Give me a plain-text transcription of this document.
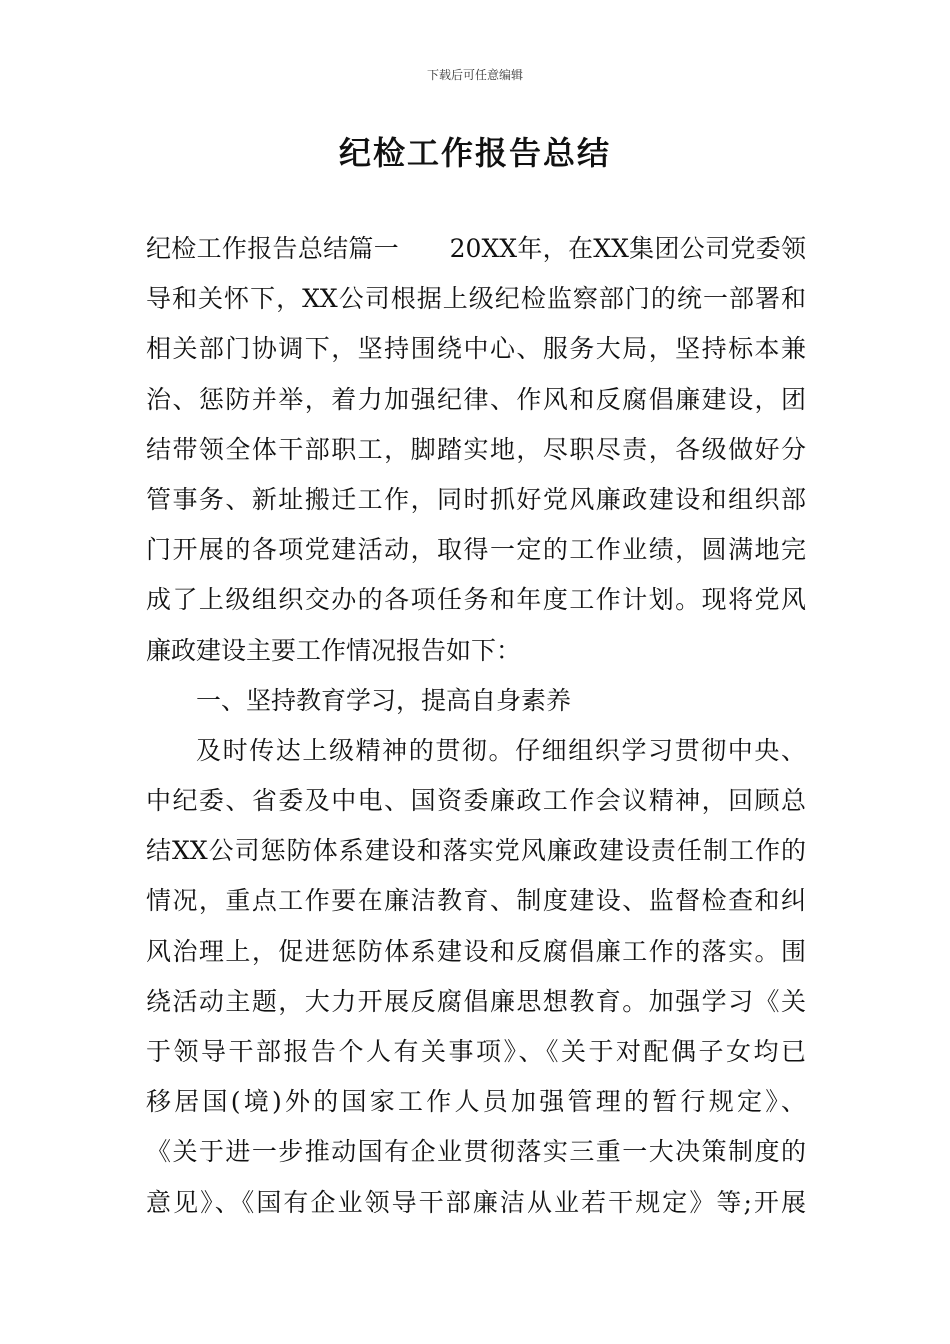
下载后可任意编辑
纪检工作报告总结
纪检工作报告总结篇一　　20XX年，在XX集团公司党委领
导和关怀下，XX公司根据上级纪检监察部门的统一部署和
相关部门协调下，坚持围绕中心、服务大局，坚持标本兼
治、惩防并举，着力加强纪律、作风和反腐倡廉建设，团
结带领全体干部职工，脚踏实地，尽职尽责，各级做好分
管事务、新址搬迁工作，同时抓好党风廉政建设和组织部
门开展的各项党建活动，取得一定的工作业绩，圆满地完
成了上级组织交办的各项任务和年度工作计划。现将党风
廉政建设主要工作情况报告如下：
一、坚持教育学习，提高自身素养
及时传达上级精神的贯彻。仔细组织学习贯彻中央、
中纪委、省委及中电、国资委廉政工作会议精神，回顾总
结XX公司惩防体系建设和落实党风廉政建设责任制工作的
情况，重点工作要在廉洁教育、制度建设、监督检查和纠
风治理上，促进惩防体系建设和反腐倡廉工作的落实。围
绕活动主题，大力开展反腐倡廉思想教育。加强学习《关
于领导干部报告个人有关事项》、《关于对配偶子女均已
移居国(境)外的国家工作人员加强管理的暂行规定》、
《关于进一步推动国有企业贯彻落实三重一大决策制度的
意见》、《国有企业领导干部廉洁从业若干规定》等;开展
